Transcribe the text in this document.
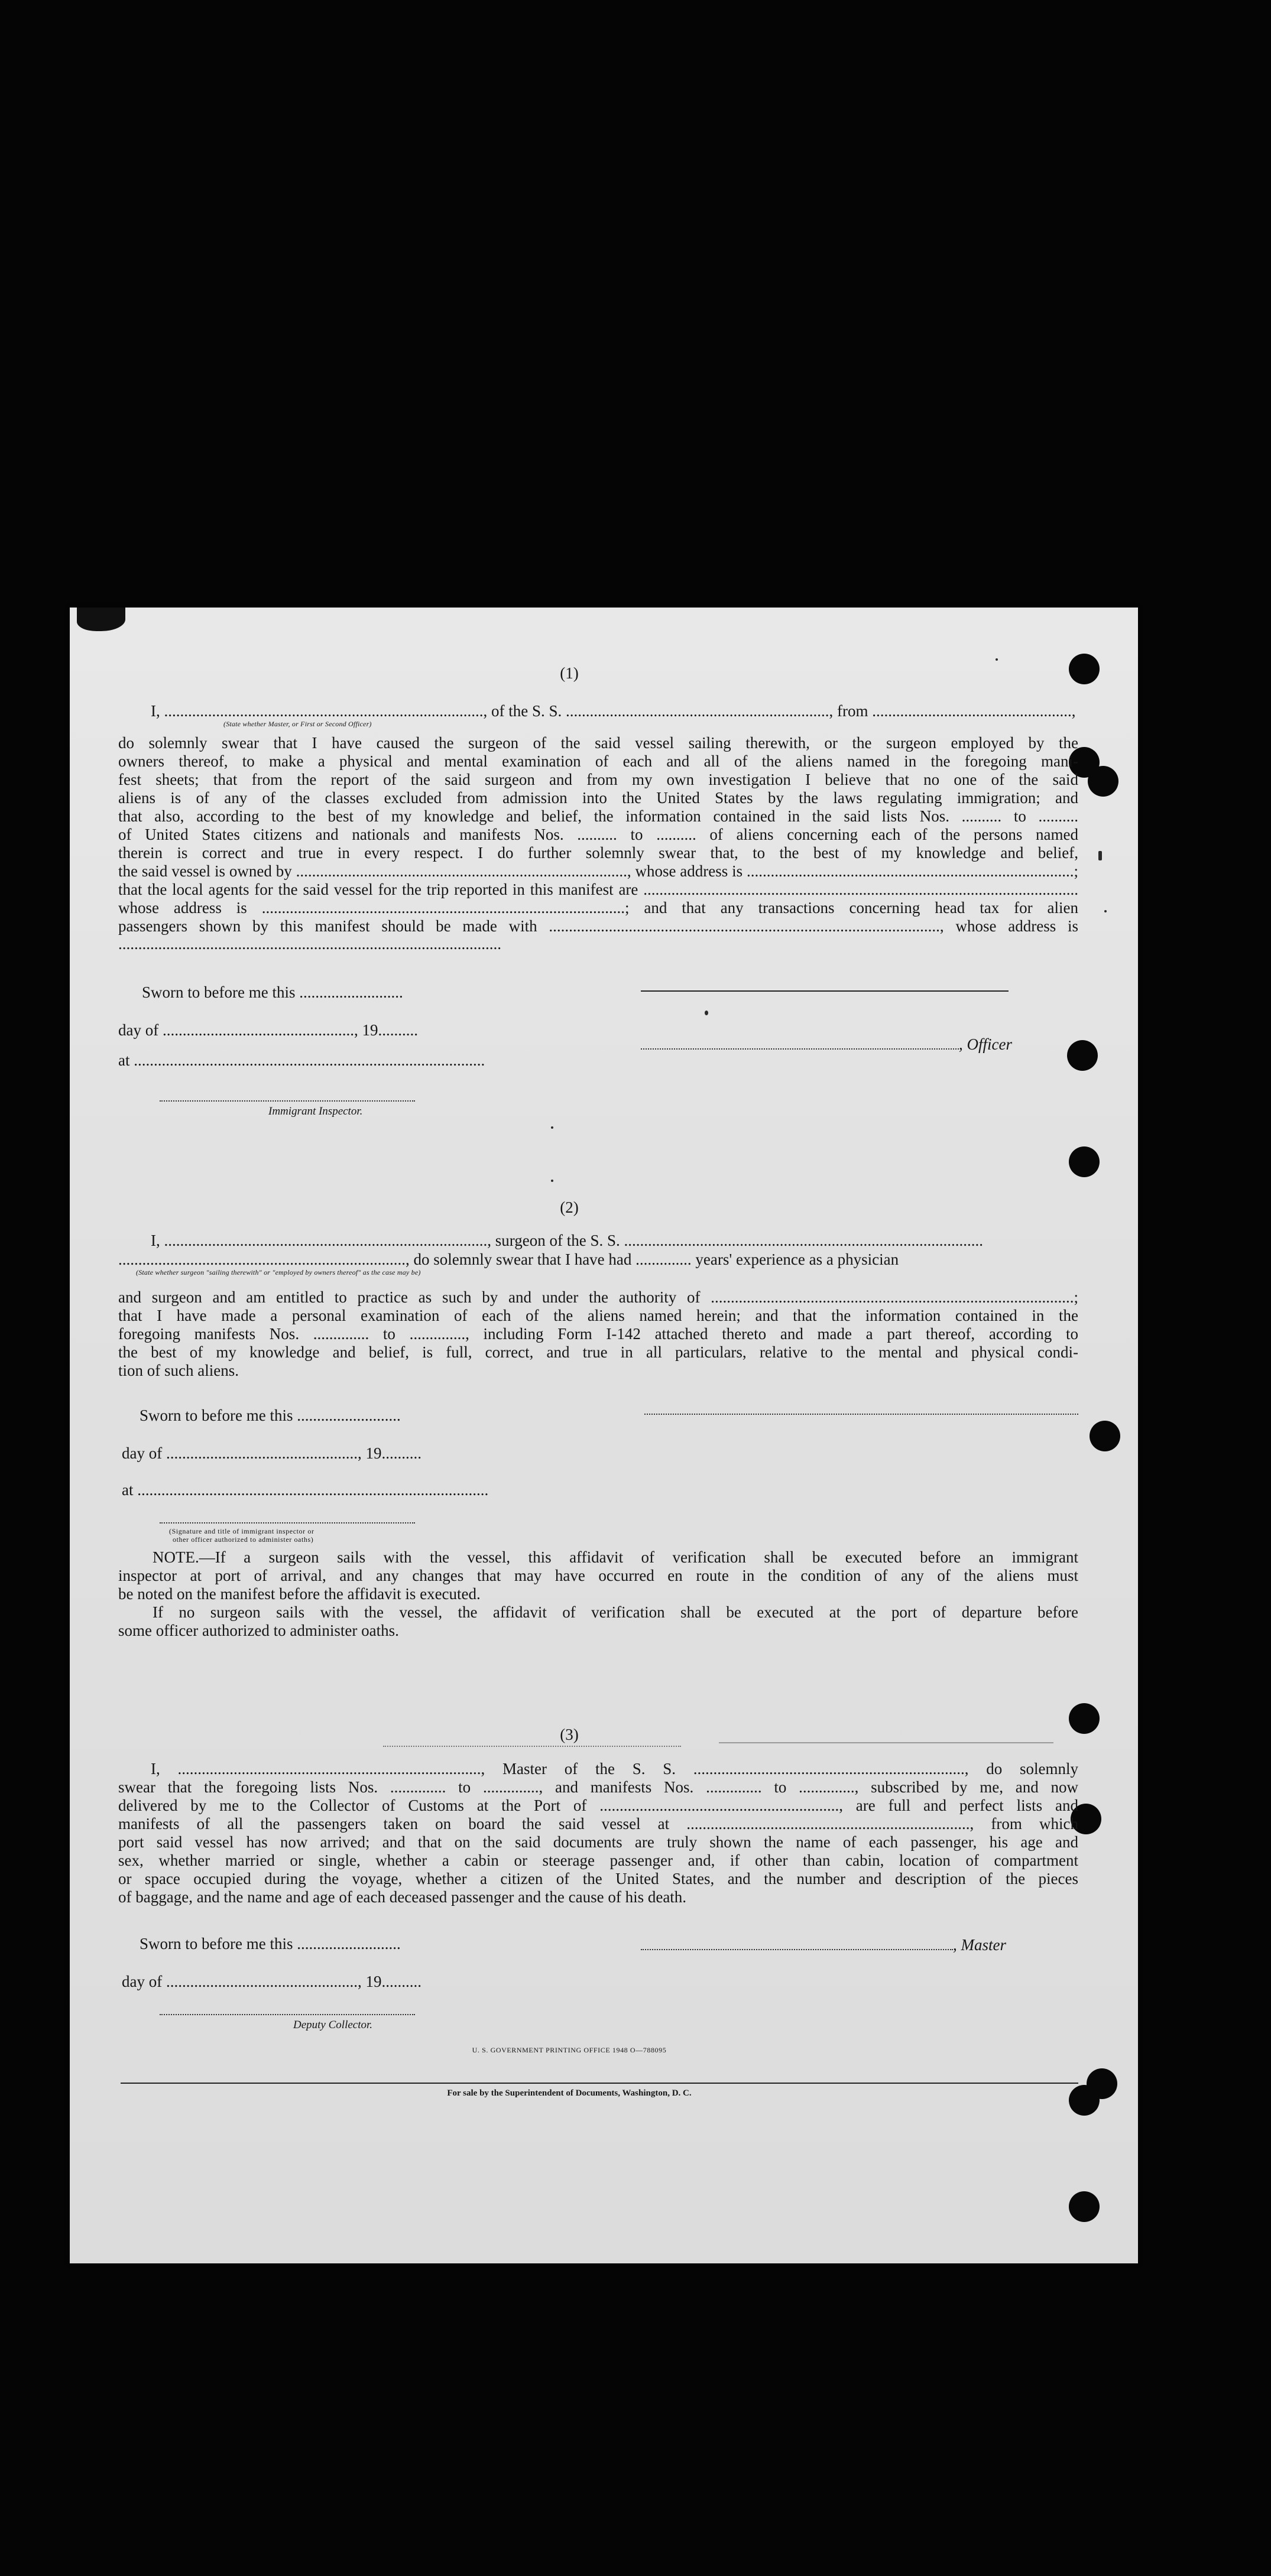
(1)
I, ................................................................................, of the S. S. .................................................................., from ..................................................,
(State whether Master, or First or Second Officer)
do solemnly swear that I have caused the surgeon of the said vessel sailing therewith, or the surgeon employed by the
owners thereof, to make a physical and mental examination of each and all of the aliens named in the foregoing mani-
fest sheets; that from the report of the said surgeon and from my own investigation I believe that no one of the said
aliens is of any of the classes excluded from admission into the United States by the laws regulating immigration; and
that also, according to the best of my knowledge and belief, the information contained in the said lists Nos. .......... to ..........
of United States citizens and nationals and manifests Nos. .......... to .......... of aliens concerning each of the persons named
therein is correct and true in every respect. I do further solemnly swear that, to the best of my knowledge and belief,
the said vessel is owned by ..................................................................................., whose address is ..................................................................................;
that the local agents for the said vessel for the trip reported in this manifest are .............................................................................................................
whose address is ...........................................................................................; and that any transactions concerning head tax for alien
passengers shown by this manifest should be made with .................................................................................................., whose address is
................................................................................................
Sworn to before me this ..........................
day of ................................................, 19..........
, Officer
at ........................................................................................
Immigrant Inspector.
(2)
I, ................................................................................., surgeon of the S. S. ..........................................................................................
........................................................................, do solemnly swear that I have had .............. years' experience as a physician
(State whether surgeon "sailing therewith" or "employed by owners thereof" as the case may be)
and surgeon and am entitled to practice as such by and under the authority of ...........................................................................................;
that I have made a personal examination of each of the aliens named herein; and that the information contained in the
foregoing manifests Nos. .............. to .............., including Form I-142 attached thereto and made a part thereof, according to
the best of my knowledge and belief, is full, correct, and true in all particulars, relative to the mental and physical condi-
tion of such aliens.
Sworn to before me this ..........................
day of ................................................, 19..........
at ........................................................................................
(Signature and title of immigrant inspector or
other officer authorized to administer oaths)
NOTE.—If a surgeon sails with the vessel, this affidavit of verification shall be executed before an immigrant
inspector at port of arrival, and any changes that may have occurred en route in the condition of any of the aliens must
be noted on the manifest before the affidavit is executed.
If no surgeon sails with the vessel, the affidavit of verification shall be executed at the port of departure before
some officer authorized to administer oaths.
(3)
I, ............................................................................, Master of the S. S. ...................................................................., do solemnly
swear that the foregoing lists Nos. .............. to .............., and manifests Nos. .............. to .............., subscribed by me, and now
delivered by me to the Collector of Customs at the Port of ............................................................, are full and perfect lists and
manifests of all the passengers taken on board the said vessel at ......................................................................., from which
port said vessel has now arrived; and that on the said documents are truly shown the name of each passenger, his age and
sex, whether married or single, whether a cabin or steerage passenger and, if other than cabin, location of compartment
or space occupied during the voyage, whether a citizen of the United States, and the number and description of the pieces
of baggage, and the name and age of each deceased passenger and the cause of his death.
Sworn to before me this ..........................	, Master
day of ................................................, 19..........
Deputy Collector.
U. S. GOVERNMENT PRINTING OFFICE 1948 O—788095
For sale by the Superintendent of Documents, Washington, D. C.
